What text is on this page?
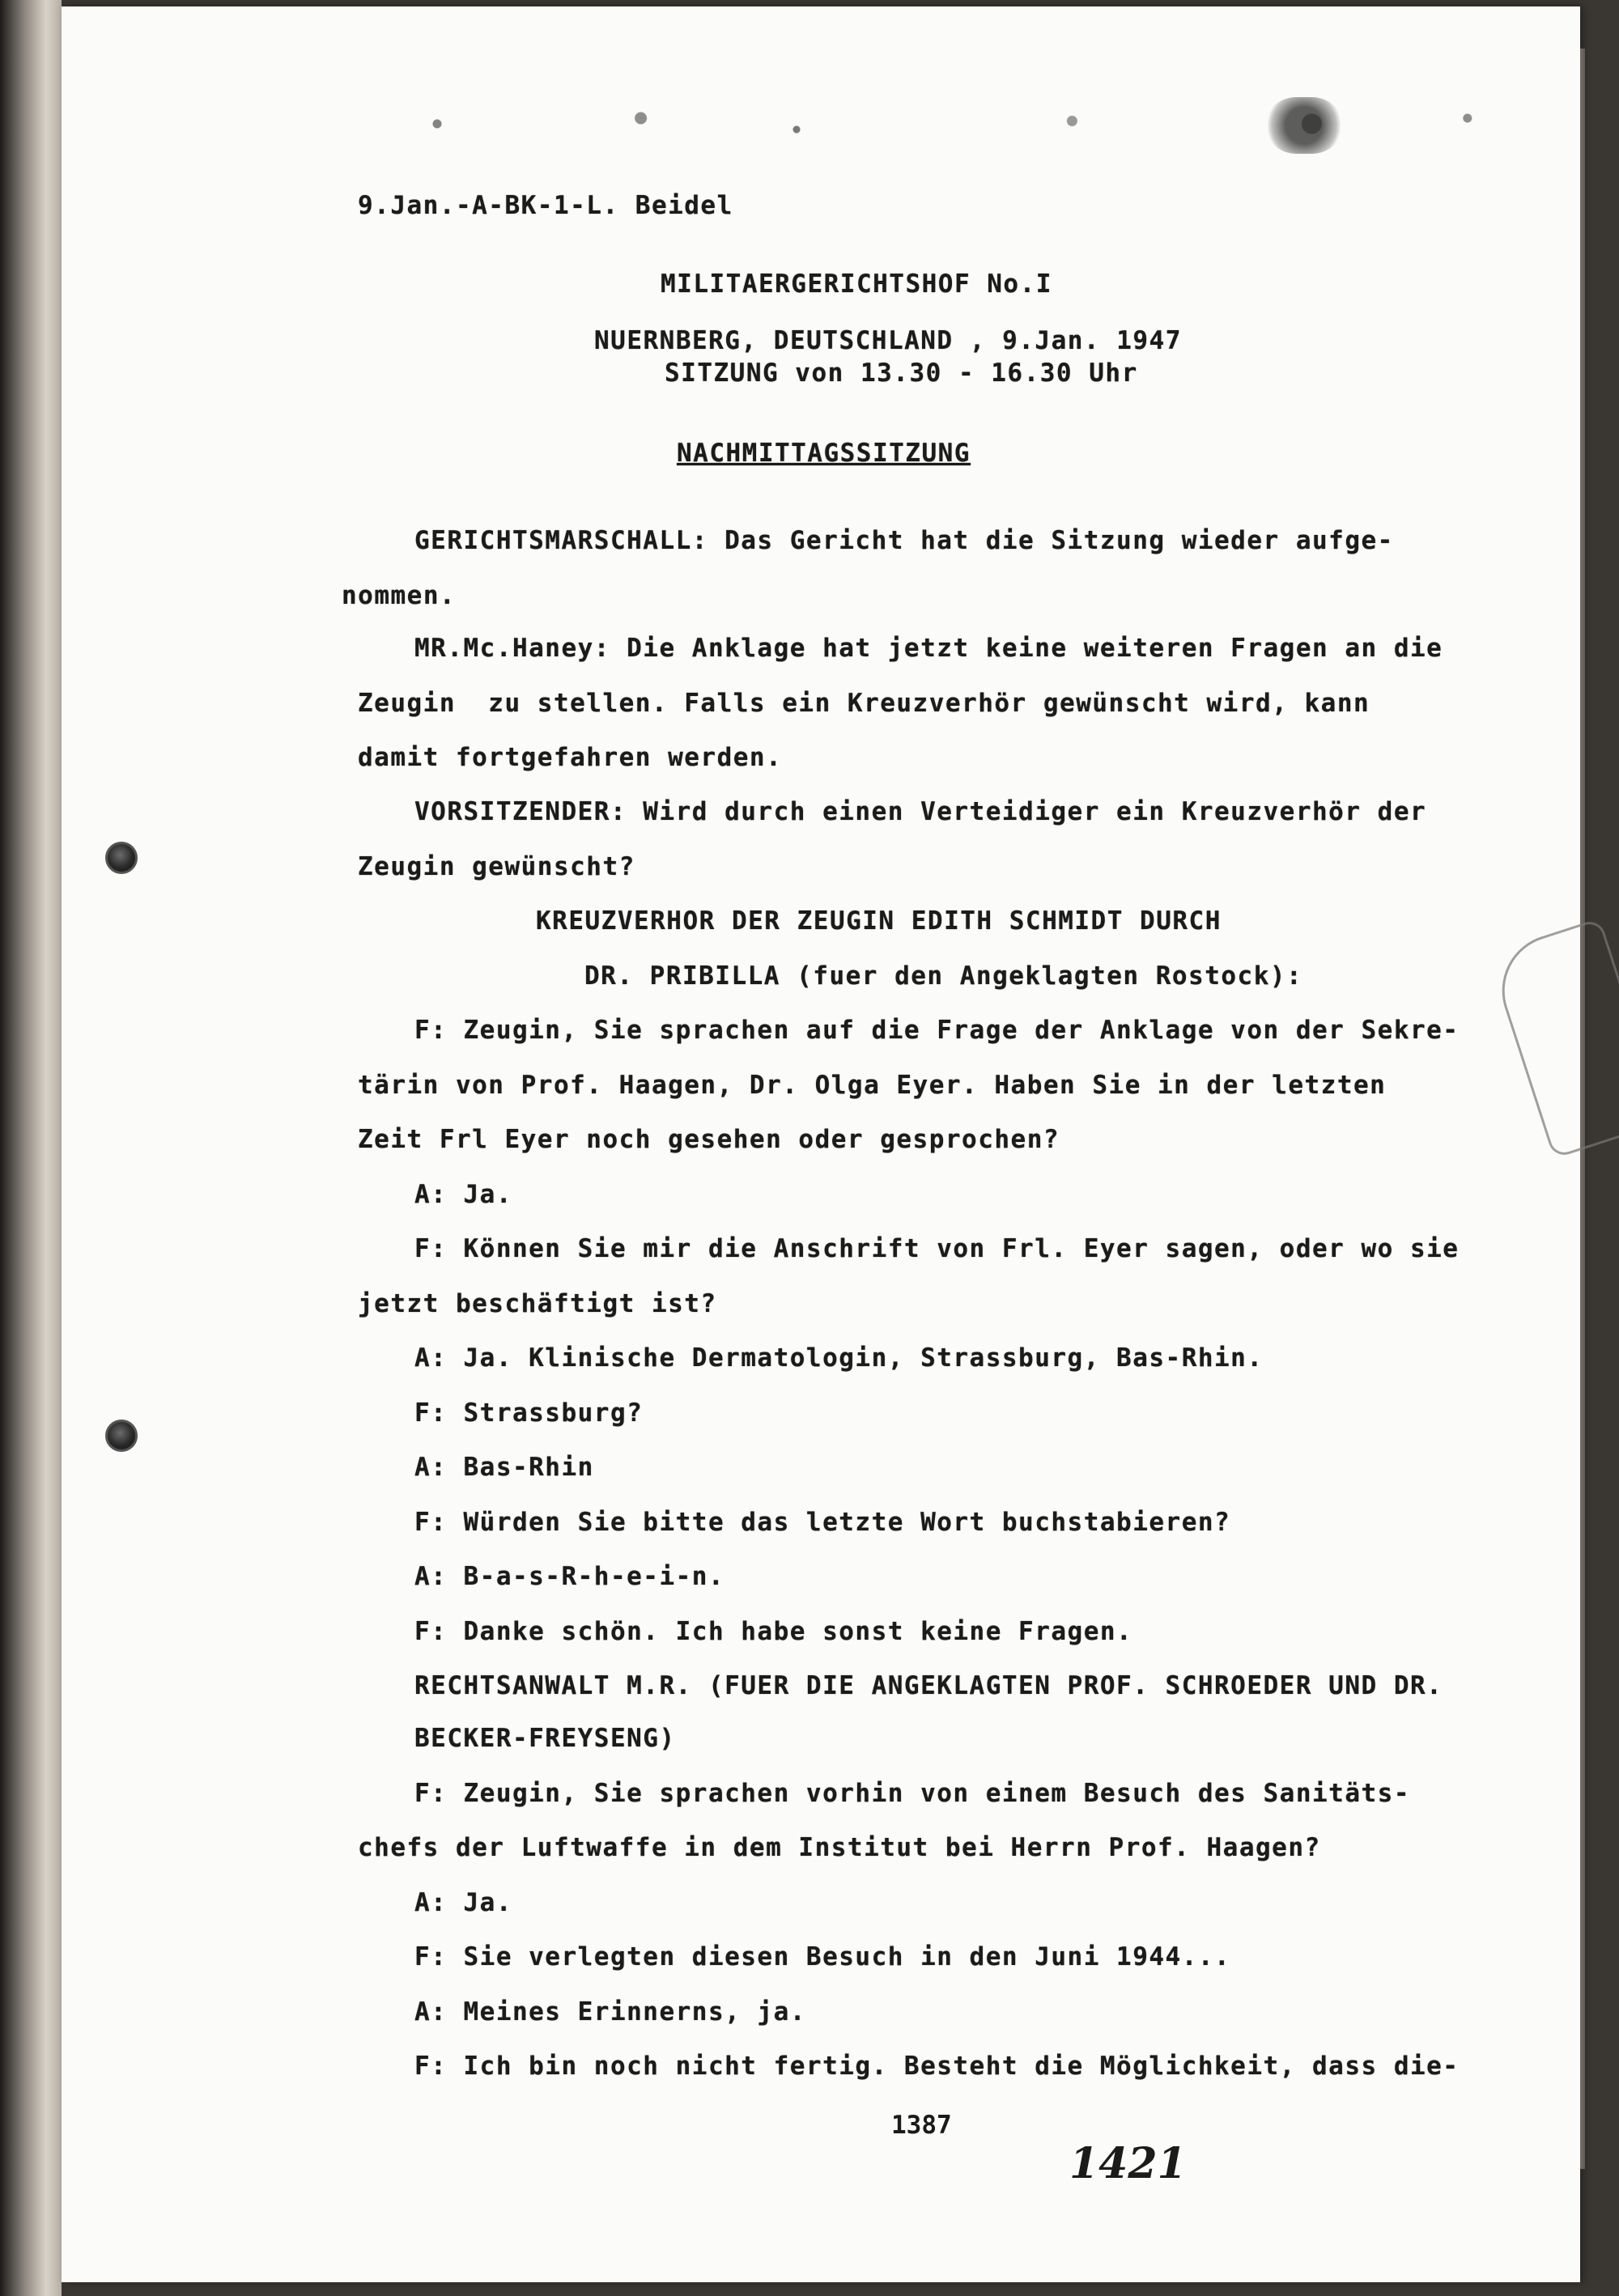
9.Jan.-A-BK-1-L. Beidel
MILITAERGERICHTSHOF No.I
NUERNBERG, DEUTSCHLAND , 9.Jan. 1947
SITZUNG von 13.30 - 16.30 Uhr
NACHMITTAGSSITZUNG
GERICHTSMARSCHALL: Das Gericht hat die Sitzung wieder aufge-
nommen.
MR.Mc.Haney: Die Anklage hat jetzt keine weiteren Fragen an die
Zeugin  zu stellen. Falls ein Kreuzverhör gewünscht wird, kann
damit fortgefahren werden.
VORSITZENDER: Wird durch einen Verteidiger ein Kreuzverhör der
Zeugin gewünscht?
KREUZVERHOR DER ZEUGIN EDITH SCHMIDT DURCH
DR. PRIBILLA (fuer den Angeklagten Rostock):
F: Zeugin, Sie sprachen auf die Frage der Anklage von der Sekre-
tärin von Prof. Haagen, Dr. Olga Eyer. Haben Sie in der letzten
Zeit Frl Eyer noch gesehen oder gesprochen?
A: Ja.
F: Können Sie mir die Anschrift von Frl. Eyer sagen, oder wo sie
jetzt beschäftigt ist?
A: Ja. Klinische Dermatologin, Strassburg, Bas-Rhin.
F: Strassburg?
A: Bas-Rhin
F: Würden Sie bitte das letzte Wort buchstabieren?
A: B-a-s-R-h-e-i-n.
F: Danke schön. Ich habe sonst keine Fragen.
RECHTSANWALT M.R. (FUER DIE ANGEKLAGTEN PROF. SCHROEDER UND DR.
BECKER-FREYSENG)
F: Zeugin, Sie sprachen vorhin von einem Besuch des Sanitäts-
chefs der Luftwaffe in dem Institut bei Herrn Prof. Haagen?
A: Ja.
F: Sie verlegten diesen Besuch in den Juni 1944...
A: Meines Erinnerns, ja.
F: Ich bin noch nicht fertig. Besteht die Möglichkeit, dass die-
1387
1421
